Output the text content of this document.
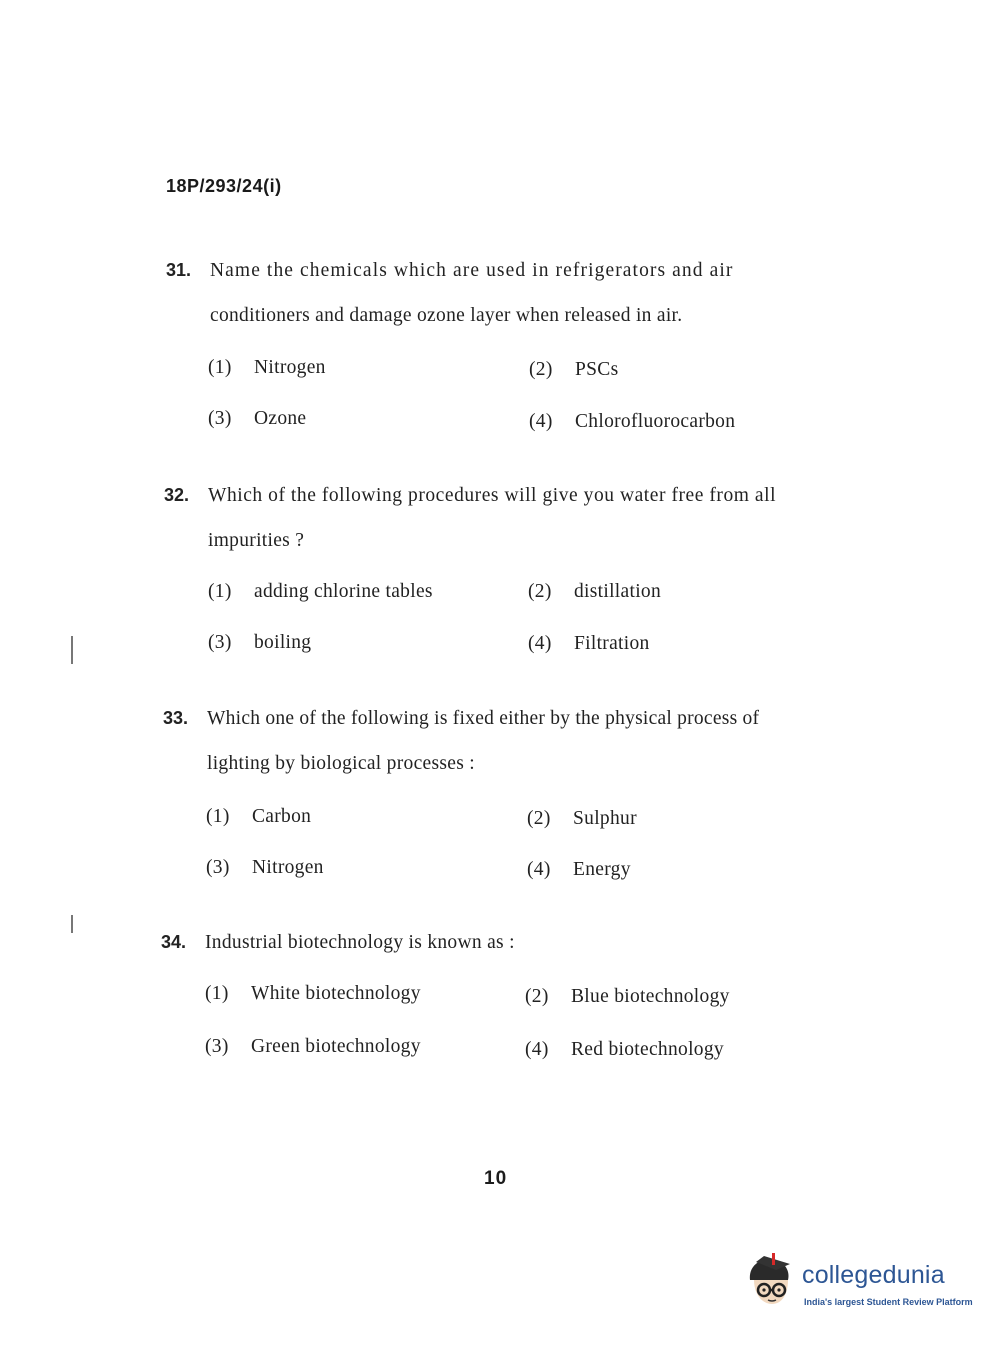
18P/293/24(i)
31. Name the chemicals which are used in refrigerators and air
conditioners and damage ozone layer when released in air.
(1) Nitrogen	(2) PSCs
(3) Ozone	(4) Chlorofluorocarbon
32. Which of the following procedures will give you water free from all
impurities ?
(1) adding chlorine tables	(2) distillation
(3) boiling	(4) Filtration
33. Which one of the following is fixed either by the physical process of
lighting by biological processes :
(1) Carbon	(2) Sulphur
(3) Nitrogen	(4) Energy
34. Industrial biotechnology is known as :
(1) White biotechnology	(2) Blue biotechnology
(3) Green biotechnology	(4) Red biotechnology
10
collegedunia
India's largest Student Review Platform
